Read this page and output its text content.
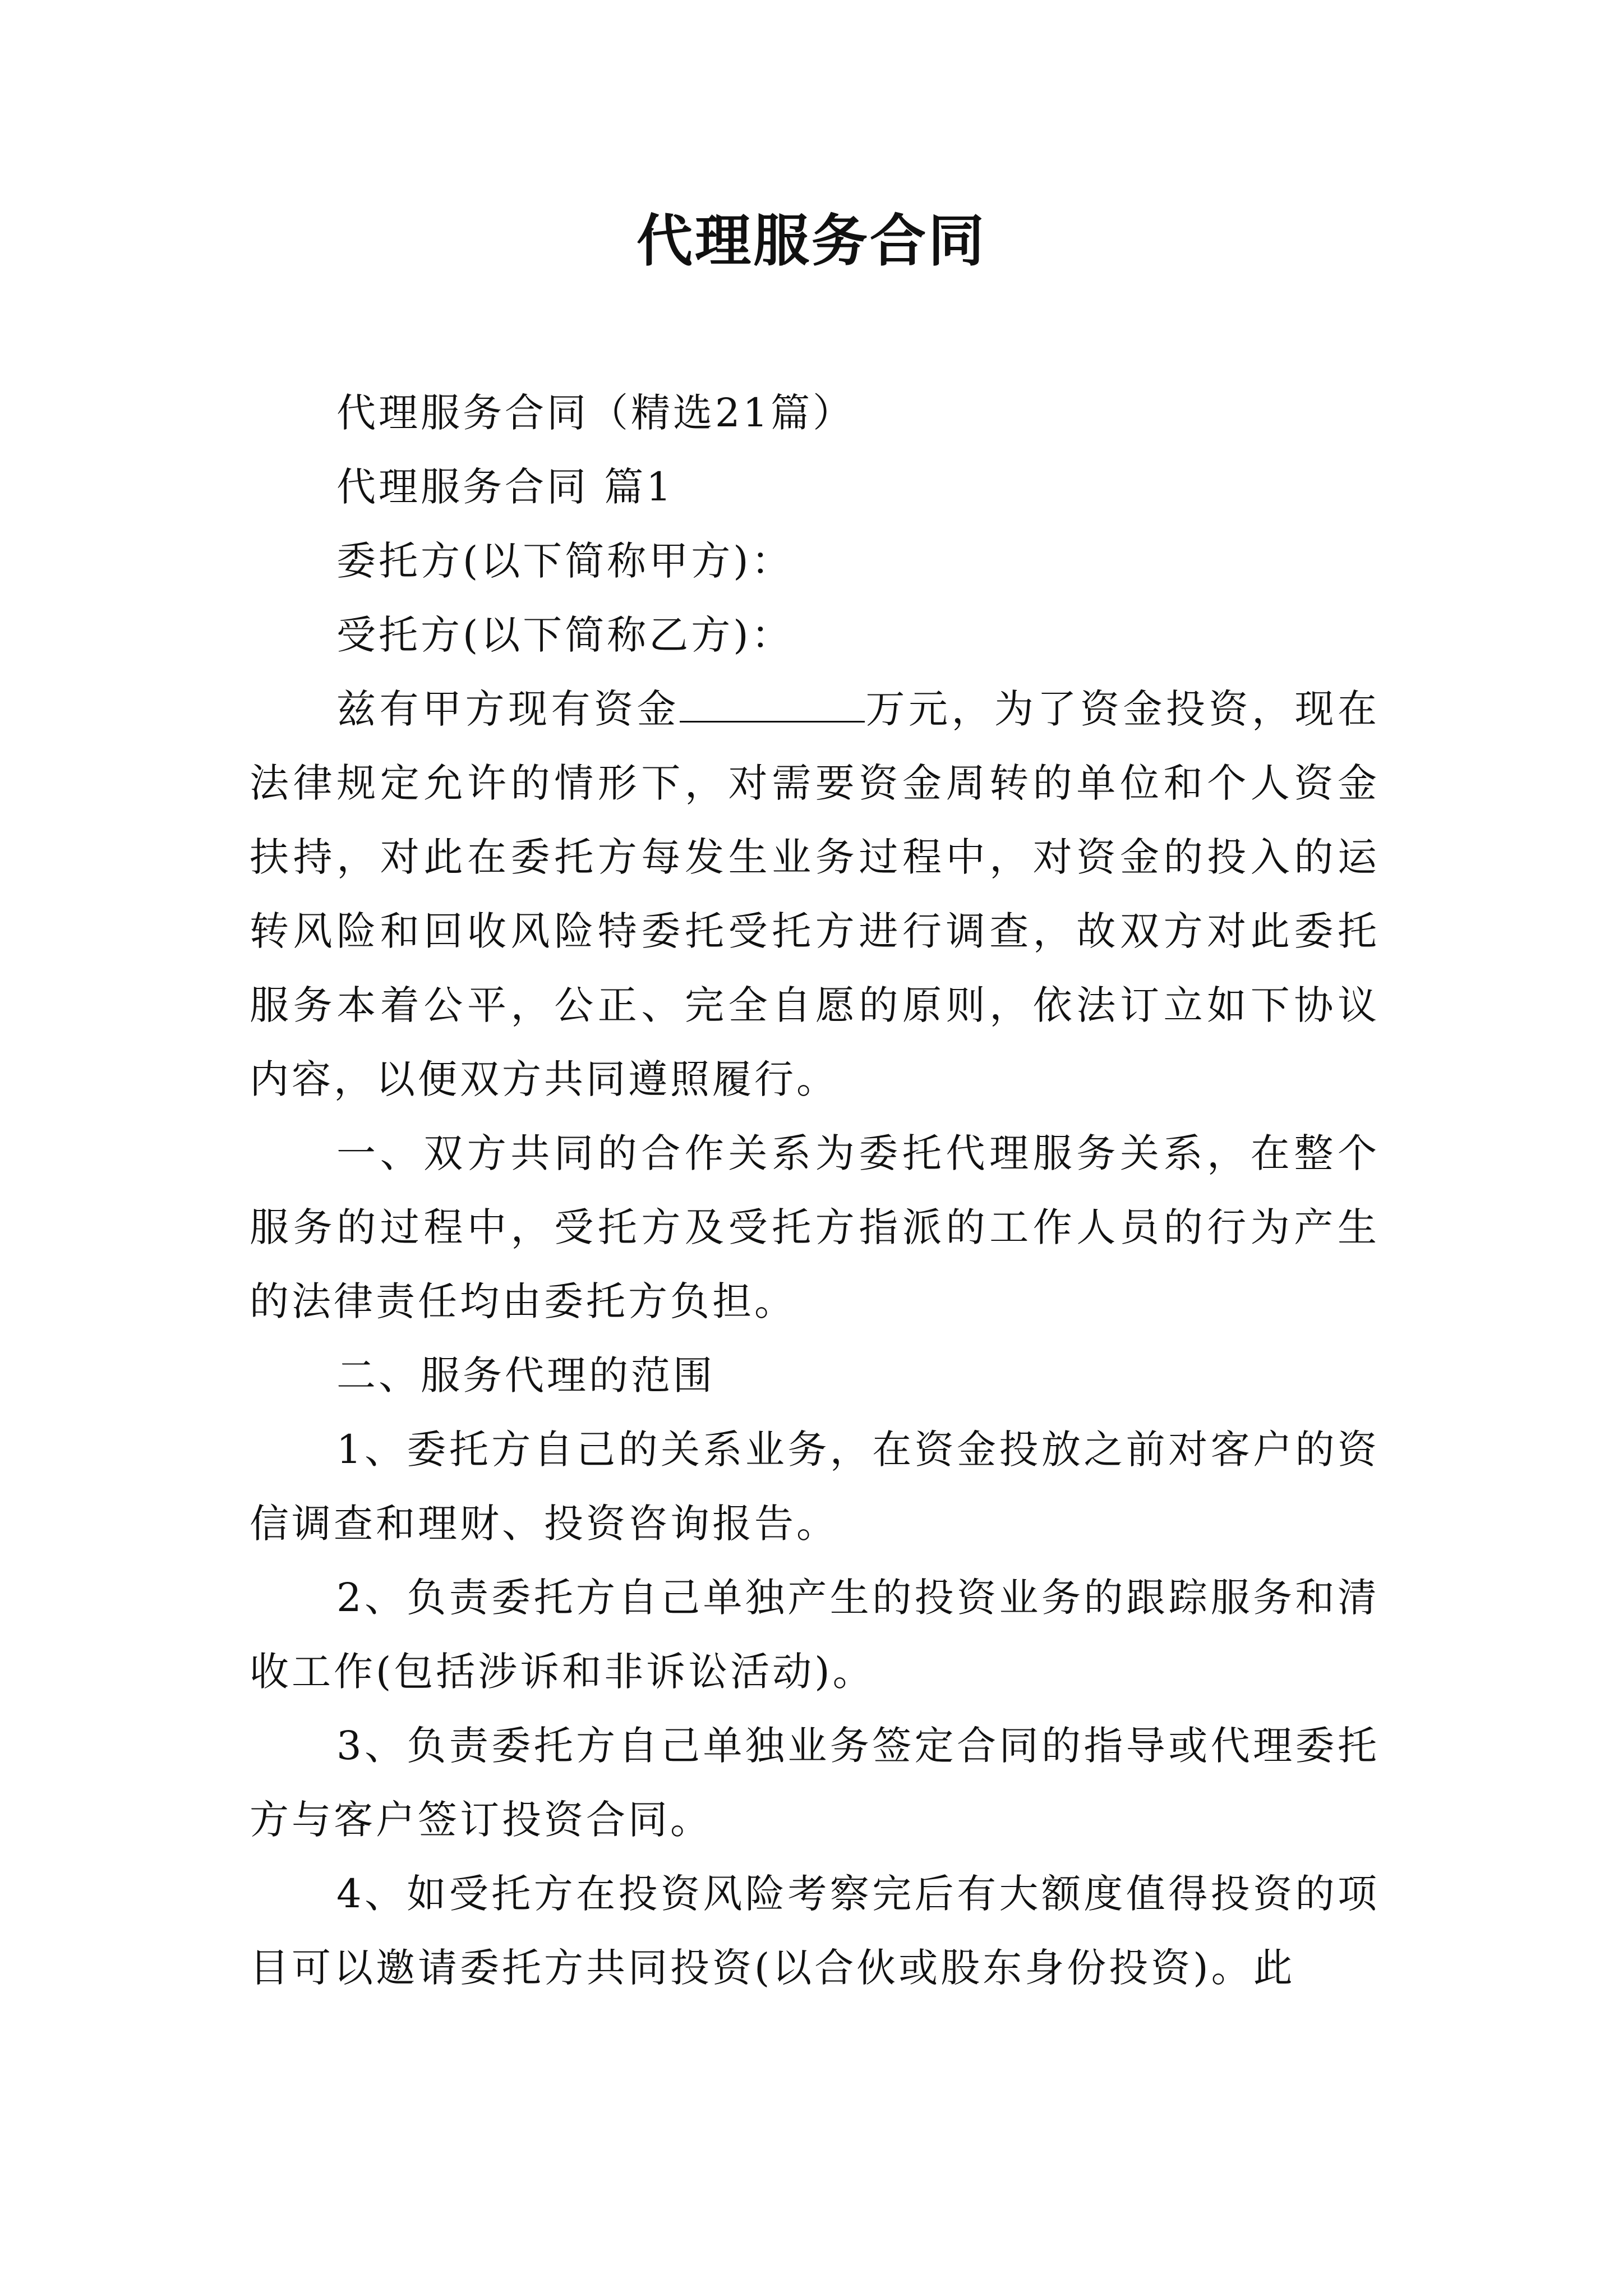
代理服务合同

代理服务合同（精选21篇）

代理服务合同 篇1

委托方(以下简称甲方)：

受托方(以下简称乙方)：

兹有甲方现有资金	万元，为了资金投资，现在法律规定允许的情形下，对需要资金周转的单位和个人资金扶持，对此在委托方每发生业务过程中，对资金的投入的运转风险和回收风险特委托受托方进行调查，故双方对此委托服务本着公平，公正、完全自愿的原则，依法订立如下协议内容，以便双方共同遵照履行。

一、双方共同的合作关系为委托代理服务关系，在整个服务的过程中，受托方及受托方指派的工作人员的行为产生的法律责任均由委托方负担。

二、服务代理的范围

1、委托方自己的关系业务，在资金投放之前对客户的资信调查和理财、投资咨询报告。

2、负责委托方自己单独产生的投资业务的跟踪服务和清收工作(包括涉诉和非诉讼活动)。

3、负责委托方自己单独业务签定合同的指导或代理委托方与客户签订投资合同。

4、如受托方在投资风险考察完后有大额度值得投资的项目可以邀请委托方共同投资(以合伙或股东身份投资)。此
